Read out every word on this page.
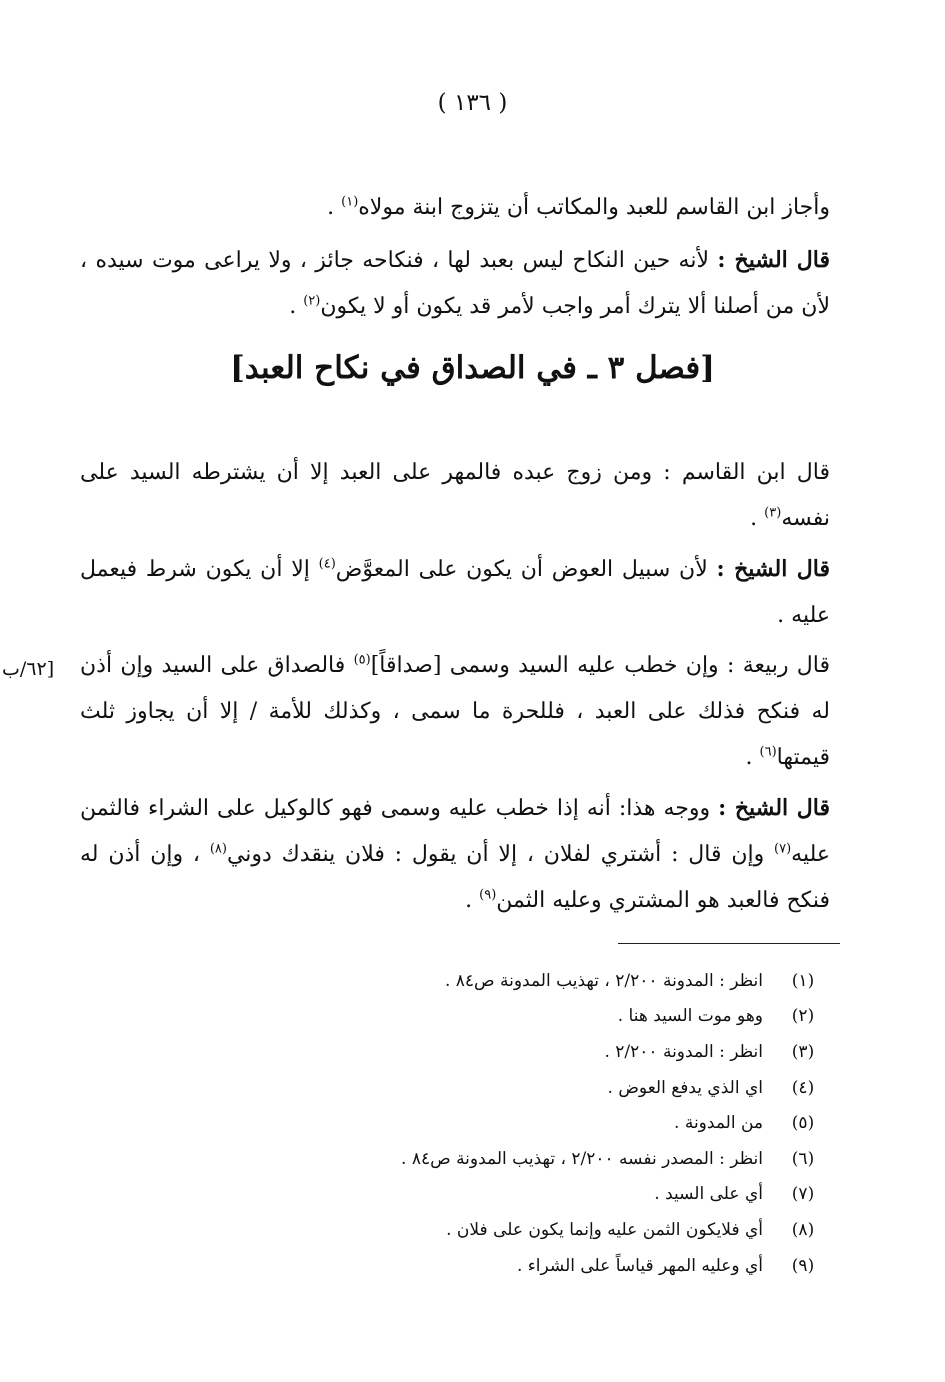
( ١٣٦ )
وأجاز ابن القاسم للعبد والمكاتب أن يتزوج ابنة مولاه$^{(١)}$ .
قال الشيخ : لأنه حين النكاح ليس بعبد لها ، فنكاحه جائز ، ولا يراعى موت سيده ، لأن من أصلنا ألا يترك أمر واجب لأمر قد يكون أو لا يكون$^{(٢)}$ .
[فصل ٣ ـ في الصداق في نكاح العبد]
قال ابن القاسم : ومن زوج عبده فالمهر على العبد إلا أن يشترطه السيد على نفسه$^{(٣)}$ .
قال الشيخ : لأن سبيل العوض أن يكون على المعوَّض$^{(٤)}$ إلا أن يكون شرط فيعمل عليه .
قال ربيعة : وإن خطب عليه السيد وسمى [صداقاً]$^{(٥)}$ فالصداق على السيد وإن أذن له فنكح فذلك على العبد ، فللحرة ما سمى ، وكذلك للأمة / إلا أن يجاوز ثلث قيمتها$^{(٦)}$ .
قال الشيخ : ووجه هذا: أنه إذا خطب عليه وسمى فهو كالوكيل على الشراء فالثمن عليه$^{(٧)}$ وإن قال : أشتري لفلان ، إلا أن يقول : فلان ينقدك دوني$^{(٨)}$ ، وإن أذن له فنكح فالعبد هو المشتري وعليه الثمن$^{(٩)}$ .
[٦٢/ب
(١)
انظر : المدونة ٢/٢٠٠ ، تهذيب المدونة ص٨٤ .
(٢)
وهو موت السيد هنا .
(٣)
انظر : المدونة ٢/٢٠٠ .
(٤)
اي الذي يدفع العوض .
(٥)
من المدونة .
(٦)
انظر : المصدر نفسه ٢/٢٠٠ ، تهذيب المدونة ص٨٤ .
(٧)
أي على السيد .
(٨)
أي فلايكون الثمن عليه وإنما يكون على فلان .
(٩)
أي وعليه المهر قياساً على الشراء .
